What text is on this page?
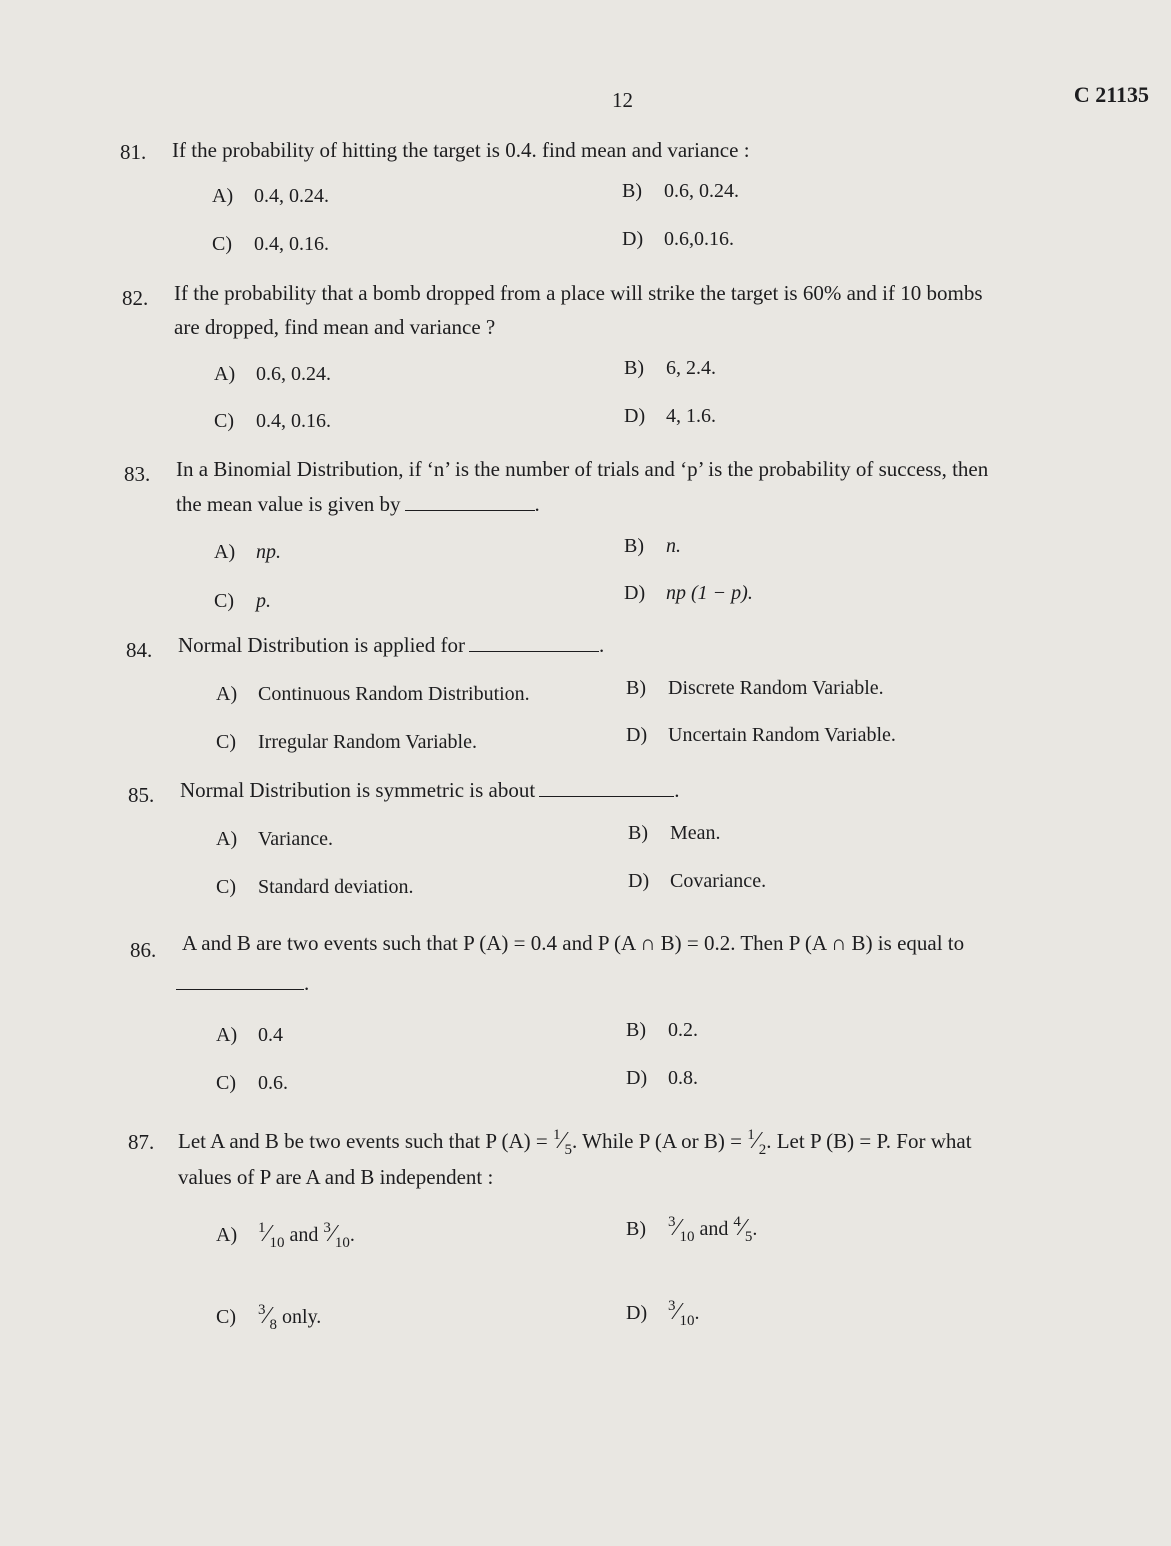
12	C 21135
81. If the probability of hitting the target is 0.4. find mean and variance :
A) 0.4, 0.24.	B) 0.6, 0.24.
C) 0.4, 0.16.	D) 0.6,0.16.
82. If the probability that a bomb dropped from a place will strike the target is 60% and if 10 bombs
are dropped, find mean and variance ?
A) 0.6, 0.24.	B) 6, 2.4.
C) 0.4, 0.16.	D) 4, 1.6.
83. In a Binomial Distribution, if ‘n’ is the number of trials and ‘p’ is the probability of success, then
the mean value is given by	.
A) np.	B) n.
C) p.	D) np (1 − p).
84. Normal Distribution is applied for	.
A) Continuous Random Distribution.	B) Discrete Random Variable.
C) Irregular Random Variable.	D) Uncertain Random Variable.
85. Normal Distribution is symmetric is about	.
A) Variance.	B) Mean.
C) Standard deviation.	D) Covariance.
86. A and B are two events such that P (A) = 0.4 and P (A ∩ B) = 0.2. Then P (A ∩ B) is equal to
.
A) 0.4	B) 0.2.
C) 0.6.	D) 0.8.
87. Let A and B be two events such that P $(A) = ^1⁄_5$. While P (A or $B) = ^1⁄_2$. Let P (B) = P. For what
values of P are A and B independent :
A) $^1⁄_{10}$ and $^3⁄_{10}$.	B) $^3⁄_{10}$ and $^4⁄_5$.
C) $^3⁄_8$ only.	D) $^3⁄_{10}$.
